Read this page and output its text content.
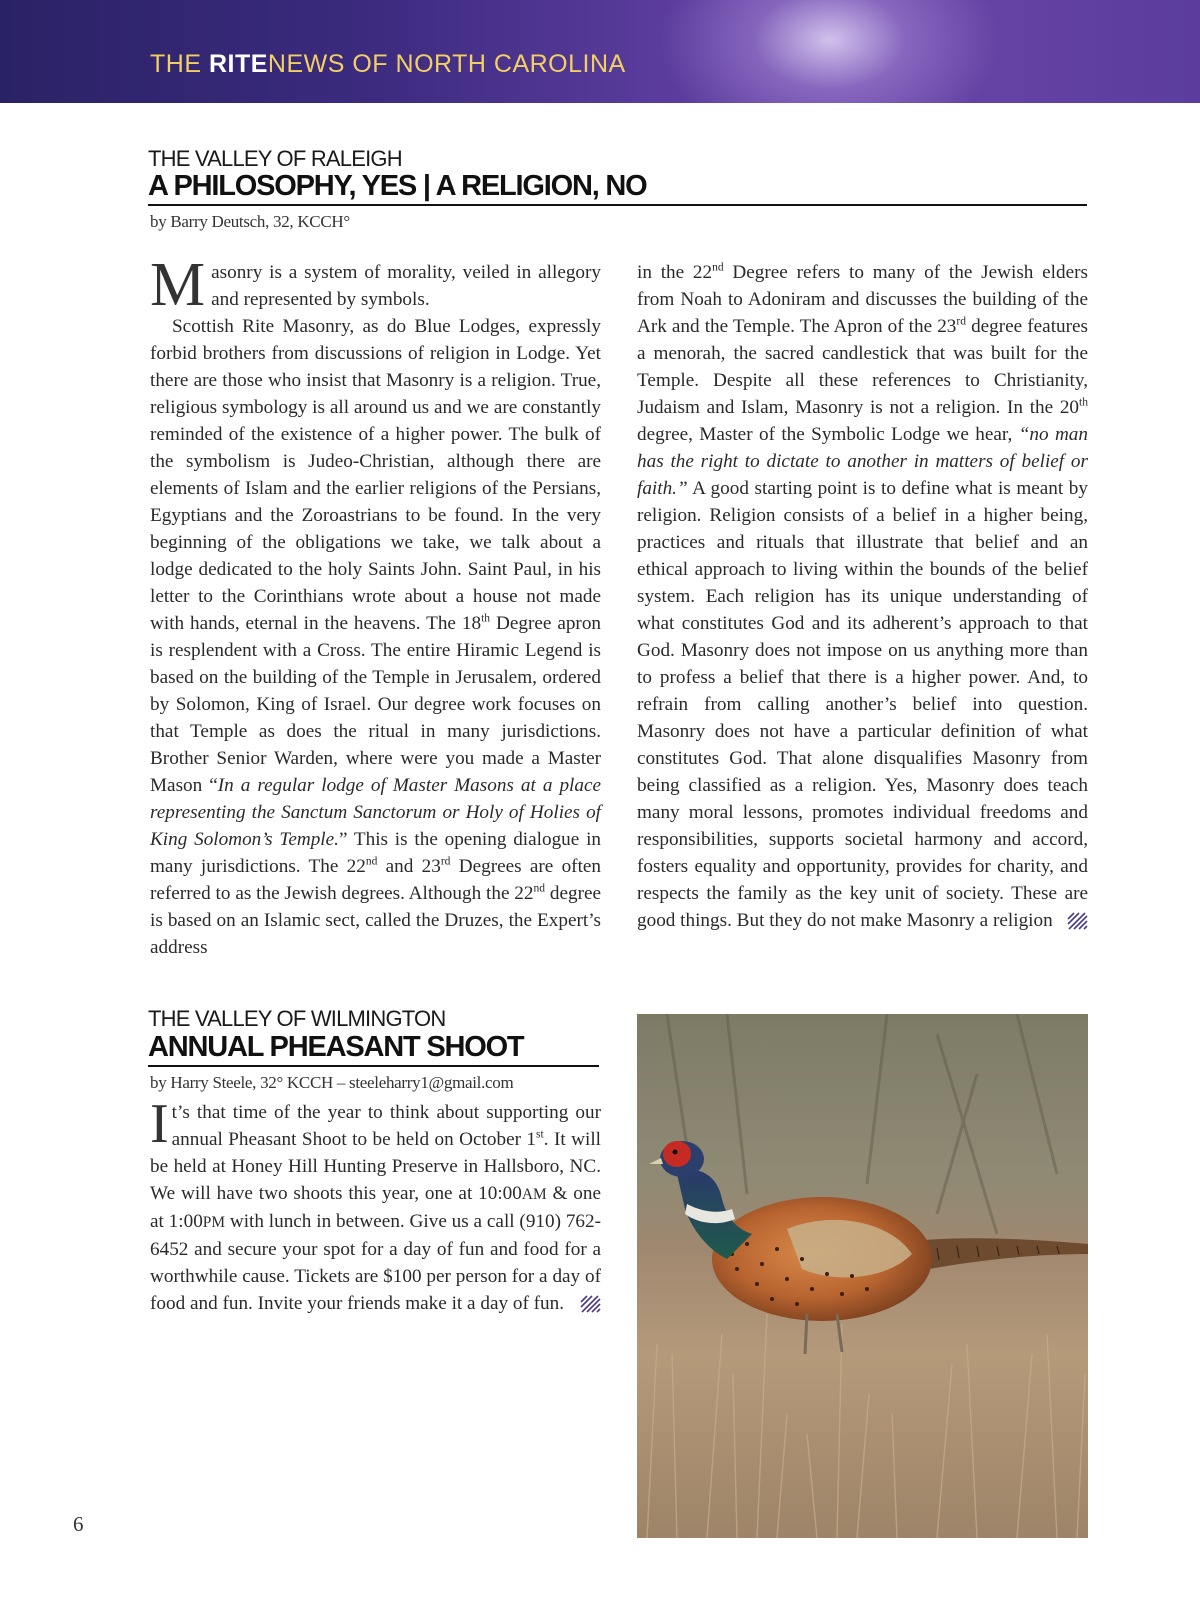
THE RITENEWS OF NORTH CAROLINA
THE VALLEY OF RALEIGH
A PHILOSOPHY, YES | A RELIGION, NO
by Barry Deutsch, 32, KCCH°

Masonry is a system of morality, veiled in allegory and represented by symbols.

Scottish Rite Masonry, as do Blue Lodges, expressly forbid brothers from discussions of religion in Lodge. Yet there are those who insist that Masonry is a religion. True, religious symbology is all around us and we are constantly reminded of the existence of a higher power. The bulk of the symbolism is Judeo-Christian, although there are elements of Islam and the earlier religions of the Persians, Egyptians and the Zoroastrians to be found. In the very beginning of the obligations we take, we talk about a lodge dedicated to the holy Saints John. Saint Paul, in his letter to the Corinthians wrote about a house not made with hands, eternal in the heavens. The 18th Degree apron is resplendent with a Cross. The entire Hiramic Legend is based on the building of the Temple in Jerusalem, ordered by Solomon, King of Israel. Our degree work focuses on that Temple as does the ritual in many jurisdictions. Brother Senior Warden, where were you made a Master Mason “In a regular lodge of Master Masons at a place representing the Sanctum Sanctorum or Holy of Holies of King Solomon’s Temple.” This is the opening dialogue in many jurisdictions. The 22nd and 23rd Degrees are often referred to as the Jewish degrees. Although the 22nd degree is based on an Islamic sect, called the Druzes, the Expert’s address

in the 22nd Degree refers to many of the Jewish elders from Noah to Adoniram and discusses the building of the Ark and the Temple. The Apron of the 23rd degree features a menorah, the sacred candlestick that was built for the Temple. Despite all these references to Christianity, Judaism and Islam, Masonry is not a religion. In the 20th degree, Master of the Symbolic Lodge we hear, “no man has the right to dictate to another in matters of belief or faith.” A good starting point is to define what is meant by religion. Religion consists of a belief in a higher being, practices and rituals that illustrate that belief and an ethical approach to living within the bounds of the belief system. Each religion has its unique understanding of what constitutes God and its adherent’s approach to that God. Masonry does not impose on us anything more than to profess a belief that there is a higher power. And, to refrain from calling another’s belief into question. Masonry does not have a particular definition of what constitutes God. That alone disqualifies Masonry from being classified as a religion. Yes, Masonry does teach many moral lessons, promotes individual freedoms and responsibilities, supports societal harmony and accord, fosters equality and opportunity, provides for charity, and respects the family as the key unit of society. These are good things. But they do not make Masonry a religion

THE VALLEY OF WILMINGTON
ANNUAL PHEASANT SHOOT
by Harry Steele, 32° KCCH – steeleharry1@gmail.com

It’s that time of the year to think about supporting our annual Pheasant Shoot to be held on October 1st. It will be held at Honey Hill Hunting Preserve in Hallsboro, NC. We will have two shoots this year, one at 10:00AM & one at 1:00PM with lunch in between. Give us a call (910) 762-6452 and secure your spot for a day of fun and food for a worthwhile cause. Tickets are $100 per person for a day of food and fun. Invite your friends make it a day of fun.

6
